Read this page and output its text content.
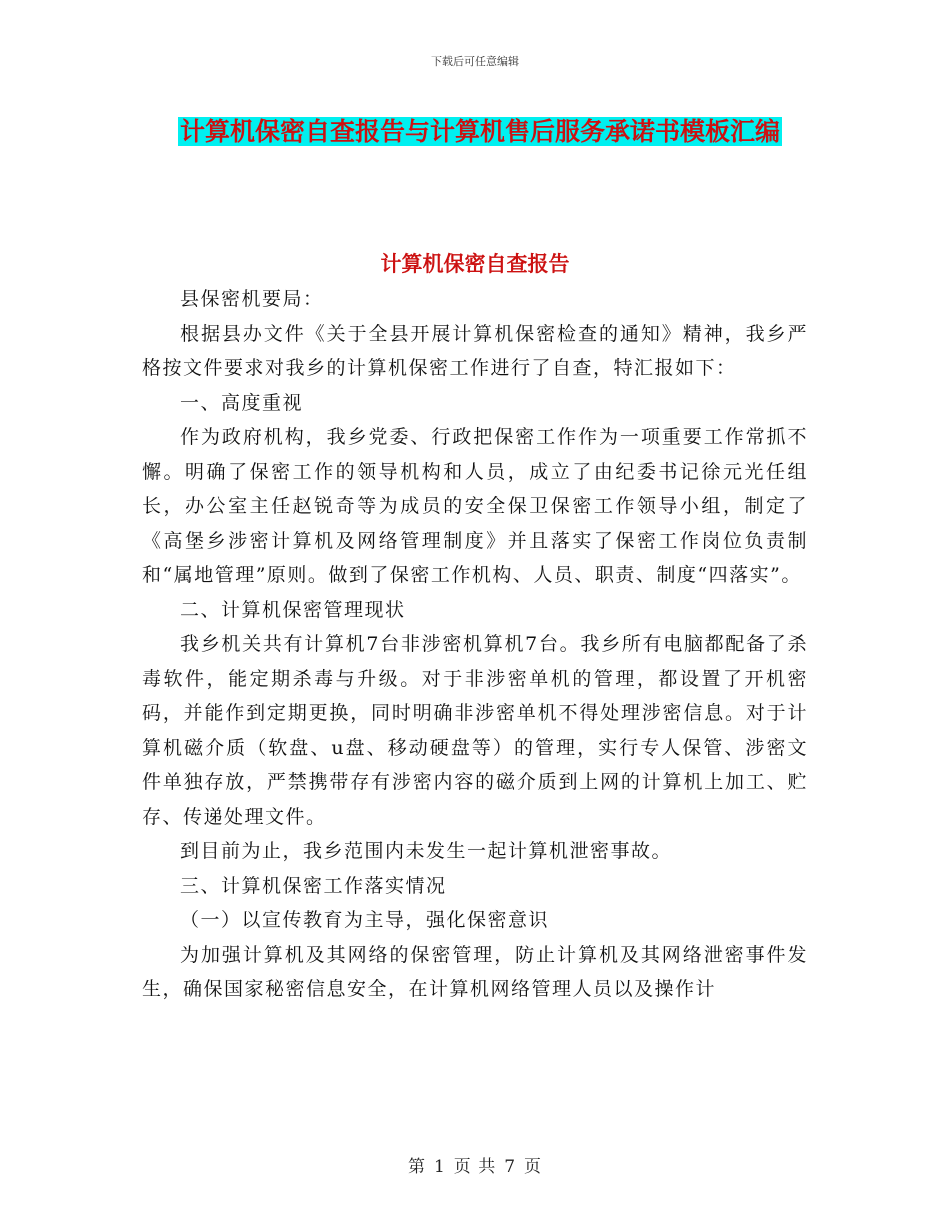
下载后可任意编辑
计算机保密自查报告与计算机售后服务承诺书模板汇编
计算机保密自查报告

县保密机要局：

根据县办文件《关于全县开展计算机保密检查的通知》精神，我乡严格按文件要求对我乡的计算机保密工作进行了自查，特汇报如下：

一、高度重视

作为政府机构，我乡党委、行政把保密工作作为一项重要工作常抓不懈。明确了保密工作的领导机构和人员，成立了由纪委书记徐元光任组长，办公室主任赵锐奇等为成员的安全保卫保密工作领导小组，制定了《高堡乡涉密计算机及网络管理制度》并且落实了保密工作岗位负责制和“属地管理”原则。做到了保密工作机构、人员、职责、制度“四落实”。

二、计算机保密管理现状

我乡机关共有计算机7台非涉密机算机7台。我乡所有电脑都配备了杀毒软件，能定期杀毒与升级。对于非涉密单机的管理，都设置了开机密码，并能作到定期更换，同时明确非涉密单机不得处理涉密信息。对于计算机磁介质（软盘、u盘、移动硬盘等）的管理，实行专人保管、涉密文件单独存放，严禁携带存有涉密内容的磁介质到上网的计算机上加工、贮存、传递处理文件。

到目前为止，我乡范围内未发生一起计算机泄密事故。

三、计算机保密工作落实情况

（一）以宣传教育为主导，强化保密意识

为加强计算机及其网络的保密管理，防止计算机及其网络泄密事件发生，确保国家秘密信息安全，在计算机网络管理人员以及操作计

第 1 页 共 7 页
